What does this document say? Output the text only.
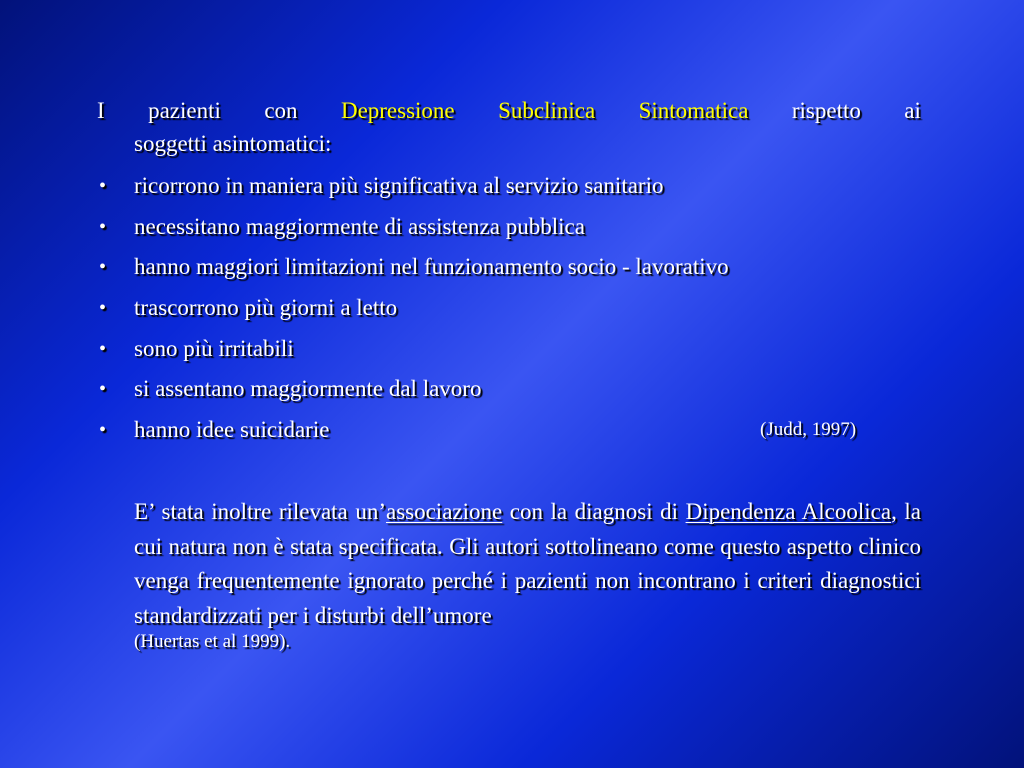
I pazienti con Depressione Subclinica Sintomatica rispetto ai
soggetti asintomatici:
• ricorrono in maniera più significativa al servizio sanitario
• necessitano maggiormente di assistenza pubblica
• hanno maggiori limitazioni nel funzionamento socio - lavorativo
• trascorrono più giorni a letto
• sono più irritabili
• si assentano maggiormente dal lavoro
• hanno idee suicidarie	(Judd, 1997)

E’ stata inoltre rilevata un’associazione con la diagnosi di Dipendenza Alcoolica, la cui natura non è stata specificata. Gli autori sottolineano come questo aspetto clinico venga frequentemente ignorato perché i pazienti non incontrano i criteri diagnostici standardizzati per i disturbi dell’umore
(Huertas et al 1999).
